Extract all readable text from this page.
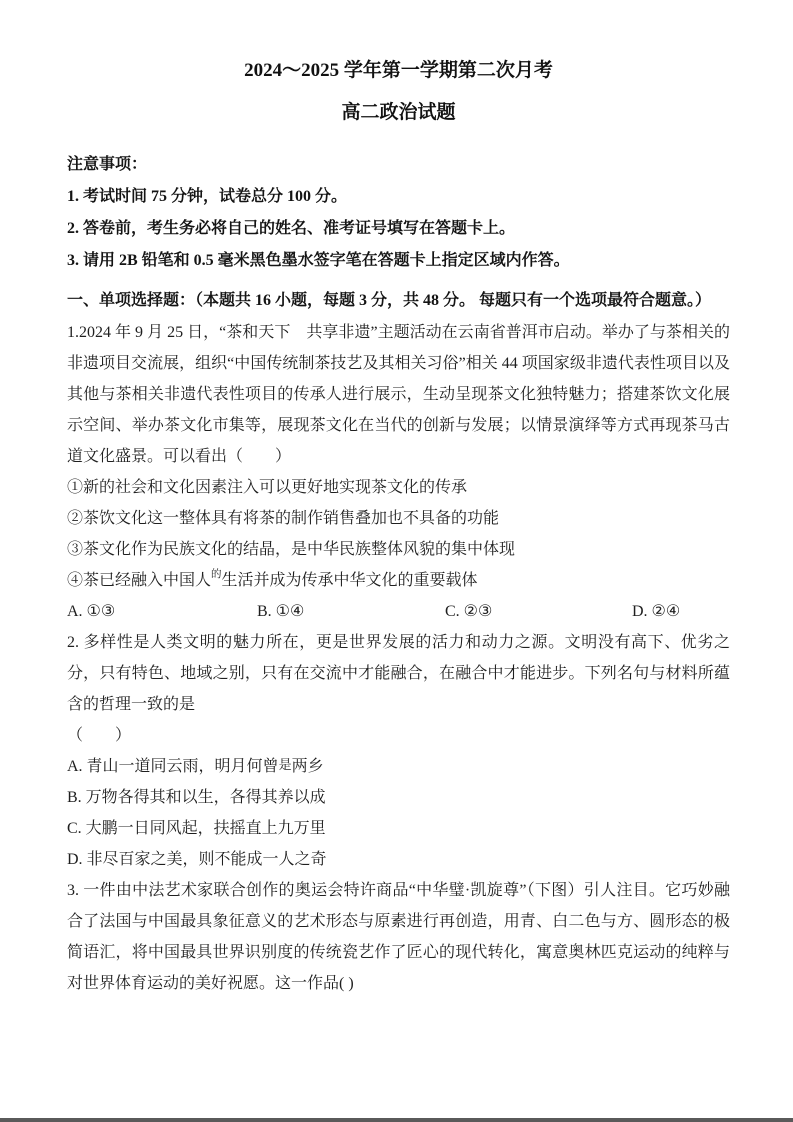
2024～2025 学年第一学期第二次月考
高二政治试题

注意事项：

1. 考试时间 75 分钟，试卷总分 100 分。

2. 答卷前，考生务必将自己的姓名、准考证号填写在答题卡上。

3. 请用 2B 铅笔和 0.5 毫米黑色墨水签字笔在答题卡上指定区域内作答。

一、单项选择题：（本题共 16 小题，每题 3 分，共 48 分。 每题只有一个选项最符合题意。）

1.2024 年 9 月 25 日，“茶和天下　共享非遗”主题活动在云南省普洱市启动。举办了与茶相关的非遗项目交流展，组织“中国传统制茶技艺及其相关习俗”相关 44 项国家级非遗代表性项目以及其他与茶相关非遗代表性项目的传承人进行展示，生动呈现茶文化独特魅力；搭建茶饮文化展示空间、举办茶文化市集等，展现茶文化在当代的创新与发展；以情景演绎等方式再现茶马古道文化盛景。可以看出（　　）

①新的社会和文化因素注入可以更好地实现茶文化的传承

②茶饮文化这一整体具有将茶的制作销售叠加也不具备的功能

③茶文化作为民族文化的结晶，是中华民族整体风貌的集中体现

④茶已经融入中国人$^的$生活并成为传承中华文化的重要载体

A. ①③	B. ①④	C. ②③	D. ②④

2. 多样性是人类文明的魅力所在，更是世界发展的活力和动力之源。文明没有高下、优劣之分，只有特色、地域之别，只有在交流中才能融合，在融合中才能进步。下列名句与材料所蕴含的哲理一致的是

（　　）

A. 青山一道同云雨，明月何曾是两乡

B. 万物各得其和以生，各得其养以成

C. 大鹏一日同风起，扶摇直上九万里

D. 非尽百家之美，则不能成一人之奇

3. 一件由中法艺术家联合创作的奥运会特许商品“中华璧·凯旋尊”（下图）引人注目。它巧妙融合了法国与中国最具象征意义的艺术形态与原素进行再创造，用青、白二色与方、圆形态的极简语汇，将中国最具世界识别度的传统瓷艺作了匠心的现代转化，寓意奥林匹克运动的纯粹与对世界体育运动的美好祝愿。这一作品( )
